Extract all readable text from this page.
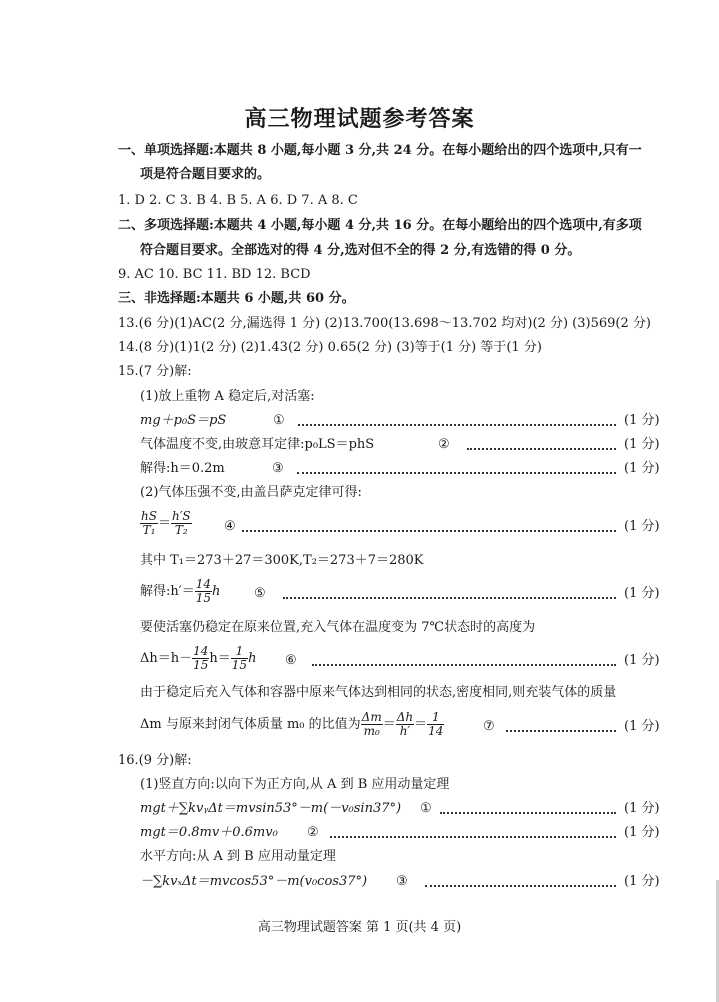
高三物理试题参考答案
一、单项选择题:本题共 8 小题,每小题 3 分,共 24 分。在每小题给出的四个选项中,只有一
项是符合题目要求的。
1. D 2. C 3. B 4. B 5. A 6. D 7. A 8. C
二、多项选择题:本题共 4 小题,每小题 4 分,共 16 分。在每小题给出的四个选项中,有多项
符合题目要求。全部选对的得 4 分,选对但不全的得 2 分,有选错的得 0 分。
9. AC 10. BC 11. BD 12. BCD
三、非选择题:本题共 6 小题,共 60 分。
13.(6 分)(1)AC(2 分,漏选得 1 分) (2)13.700(13.698～13.702 均对)(2 分) (3)569(2 分)
14.(8 分)(1)1(2 分) (2)1.43(2 分) 0.65(2 分) (3)等于(1 分) 等于(1 分)
15.(7 分)解:
(1)放上重物 A 稳定后,对活塞:
mg＋p₀S＝pS	①	(1 分)
气体温度不变,由玻意耳定律:p₀LS＝phS	②	(1 分)
解得:h＝0.2m	③	(1 分)
(2)气体压强不变,由盖吕萨克定律可得:
$\frac{hS}{\text{T₁}} = \frac{h'S}{\text{T₂}}$ ④	(1 分)
其中 T₁＝273＋27＝300K,T₂＝273＋7＝280K
解得:h′＝ $\frac{14}{15}$ h	⑤	(1 分)
要使活塞仍稳定在原来位置,充入气体在温度变为 7℃状态时的高度为
$\Delta h=h- \frac{14}{15} h= \frac{1}{15}$ h ⑥	(1 分)
由于稳定后充入气体和容器中原来气体达到相同的状态,密度相同,则充装气体的质量
Δm 与原来封闭气体质量 m₀ 的比值为 $\frac{\Delta m}{\text{m₀}} = \frac{\Delta h}{h'} = \frac{1}{14}$	⑦	(1 分)
16.(9 分)解:
(1)竖直方向:以向下为正方向,从 A 到 B 应用动量定理
mgt＋∑kvᵧΔt＝mvsin53°－m(－v₀sin37°) ①	(1 分)
mgt＝0.8mv＋0.6mv₀ ②	(1 分)
水平方向:从 A 到 B 应用动量定理
－∑kvₓΔt＝mvcos53°－m(v₀cos37°) ③	(1 分)
高三物理试题答案 第 1 页(共 4 页)
